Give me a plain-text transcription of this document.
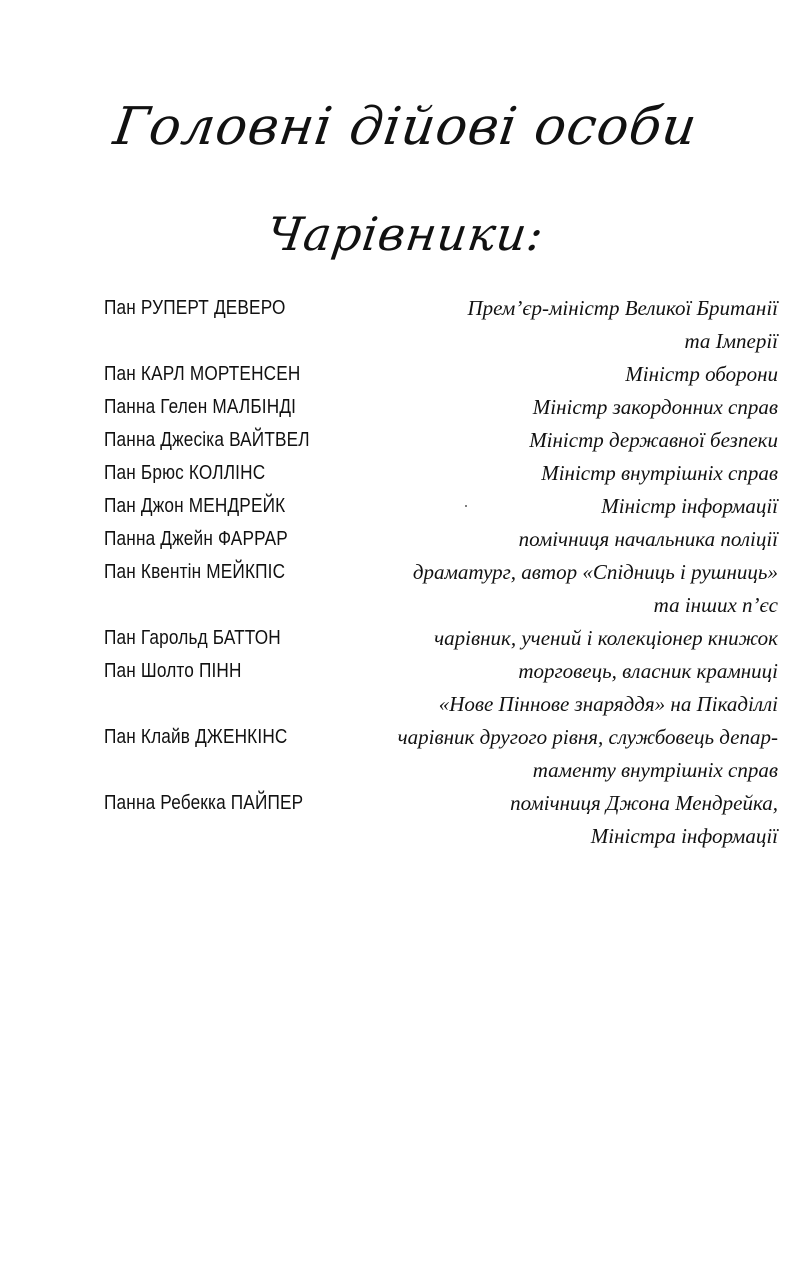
Головні дійові особи
Чарівники:
Пан РУПЕРТ ДЕВЕРО	Прем’єр-міністр Великої Британії
та Імперії
Пан КАРЛ МОРТЕНСЕН	Міністр оборони
Панна Гелен МАЛБІНДІ	Міністр закордонних справ
Панна Джесіка ВАЙТВЕЛ	Міністр державної безпеки
Пан Брюс КОЛЛІНС	Міністр внутрішніх справ
Пан Джон МЕНДРЕЙК	Міністр інформації
Панна Джейн ФАРРАР	помічниця начальника поліції
Пан Квентін МЕЙКПІС	драматург, автор «Спідниць і рушниць»
та інших п’єс
Пан Гарольд БАТТОН	чарівник, учений і колекціонер книжок
Пан Шолто ПІНН	торговець, власник крамниці
«Нове Піннове знаряддя» на Пікаділлі
Пан Клайв ДЖЕНКІНС	чарівник другого рівня, службовець депар-
таменту внутрішніх справ
Панна Ребекка ПАЙПЕР	помічниця Джона Мендрейка,
Міністра інформації
